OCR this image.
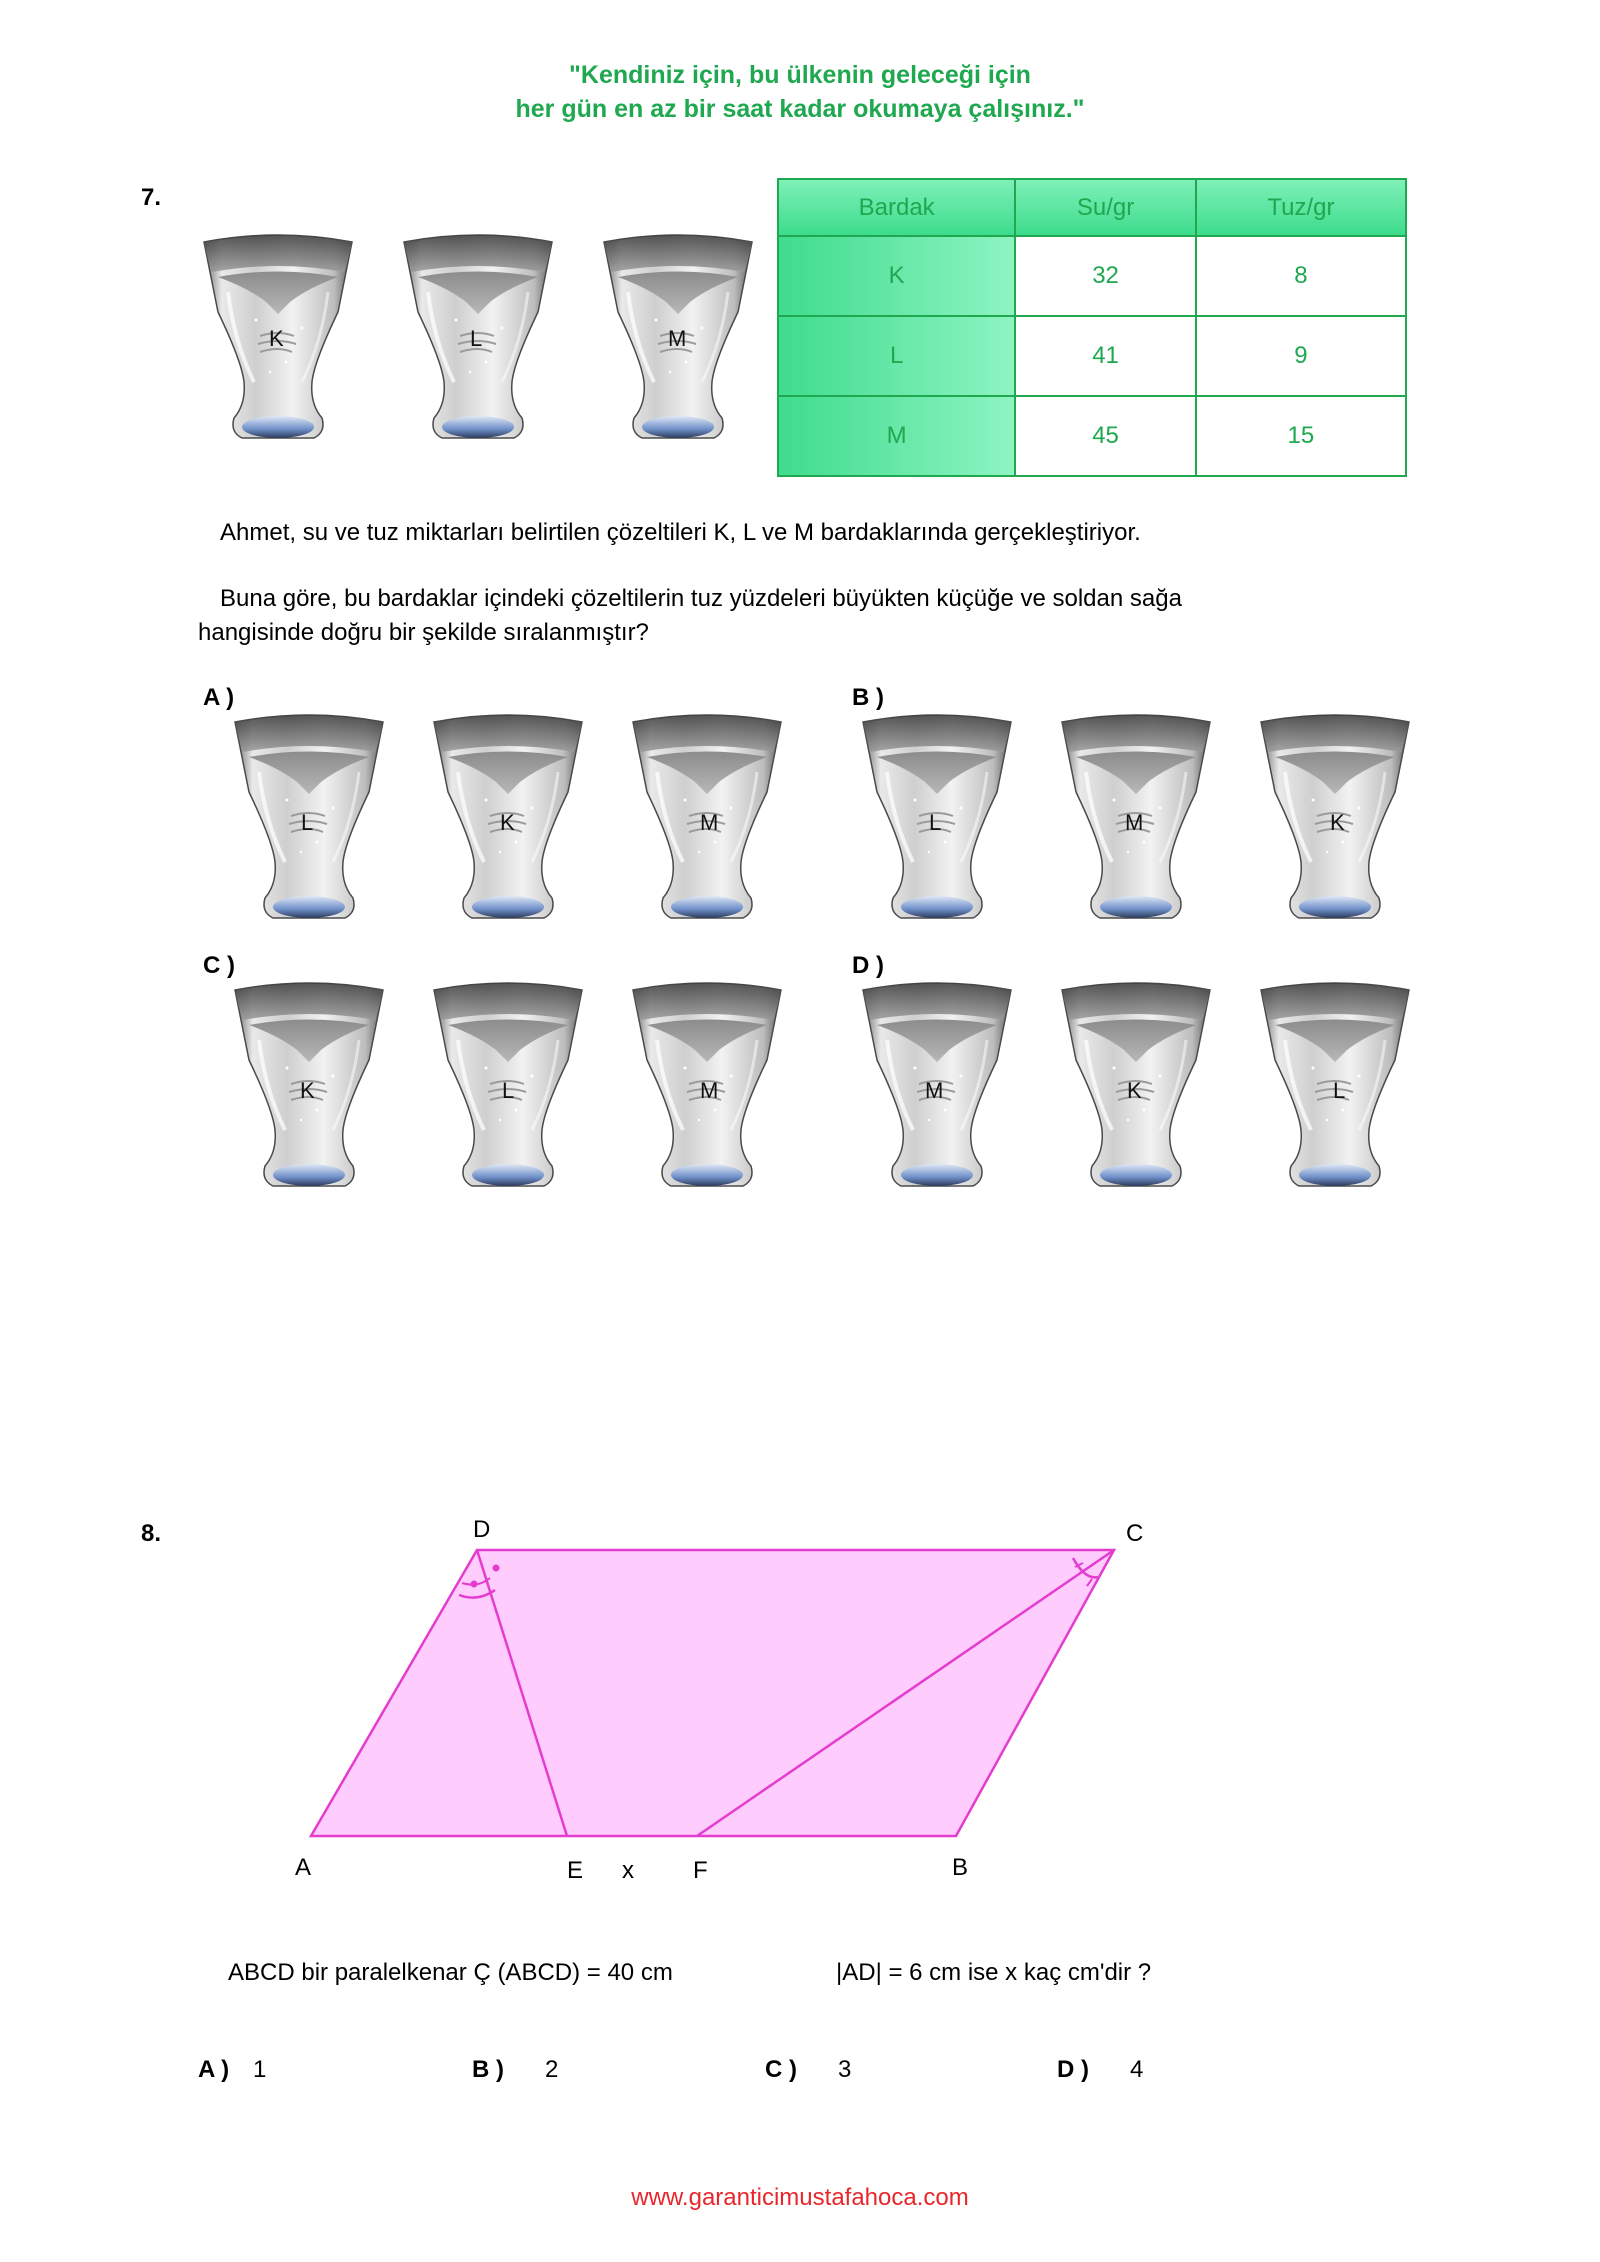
"Kendiniz için, bu ülkenin geleceği için
her gün en az bir saat kadar okumaya çalışınız."
7.
K	L	M
Bardak	Su/gr	Tuz/gr
K	32	8
L	41	9
M	45	15
Ahmet, su ve tuz miktarları belirtilen çözeltileri K, L ve M bardaklarında gerçekleştiriyor.
Buna göre, bu bardaklar içindeki çözeltilerin tuz yüzdeleri büyükten küçüğe ve soldan sağa
hangisinde doğru bir şekilde sıralanmıştır?
A )
L	K	M
B )
L	M	K
C )
K	L	M
D )
M	K	L
8.	D	C
A	E x F	B
ABCD bir paralelkenar Ç (ABCD) = 40 cm	|AD| = 6 cm ise x kaç cm'dir ?
A ) 1	B ) 2	C ) 3	D ) 4
www.garanticimustafahoca.com
